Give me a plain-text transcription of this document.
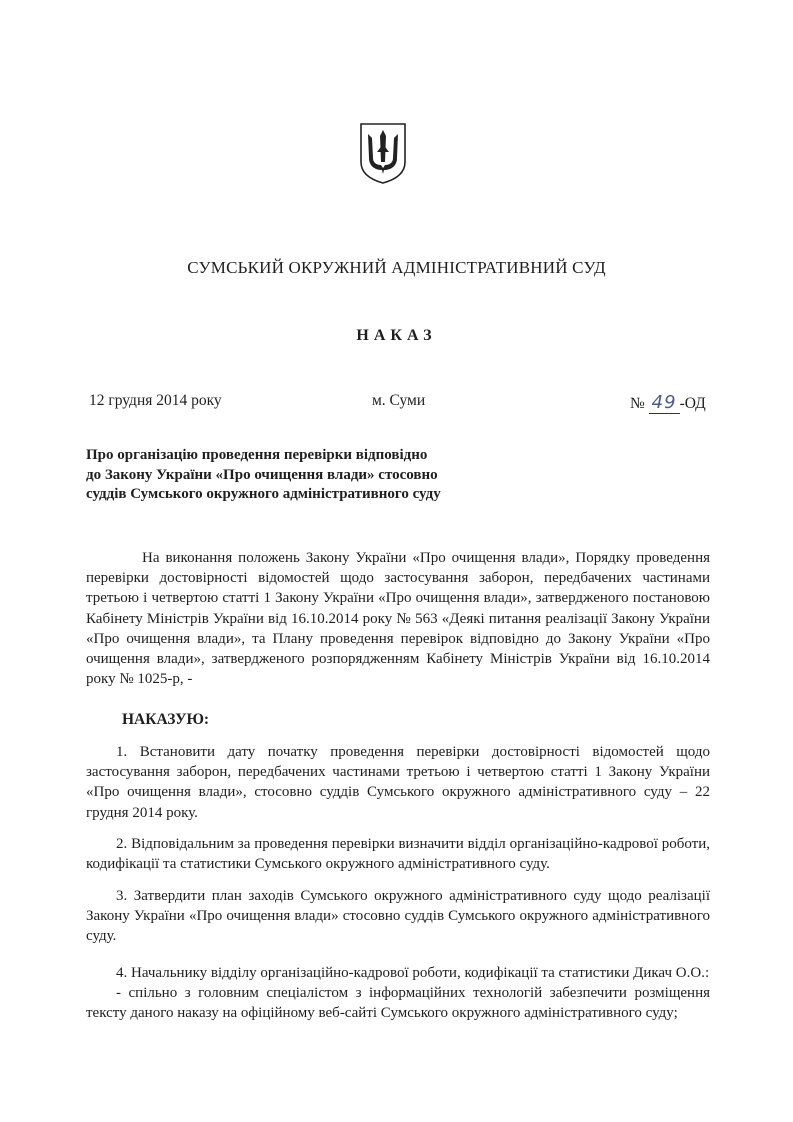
СУМСЬКИЙ ОКРУЖНИЙ АДМІНІСТРАТИВНИЙ СУД
НАКАЗ
12 грудня 2014 року	м. Суми	№ 49 -ОД
Про організацію проведення перевірки відповідно до Закону України «Про очищення влади» стосовно суддів Сумського окружного адміністративного суду
На виконання положень Закону України «Про очищення влади», Порядку проведення перевірки достовірності відомостей щодо застосування заборон, передбачених частинами третьою і четвертою статті 1 Закону України «Про очищення влади», затвердженого постановою Кабінету Міністрів України від 16.10.2014 року № 563 «Деякі питання реалізації Закону України «Про очищення влади», та Плану проведення перевірок відповідно до Закону України «Про очищення влади», затвердженого розпорядженням Кабінету Міністрів України від 16.10.2014 року № 1025-р, -
НАКАЗУЮ:
1. Встановити дату початку проведення перевірки достовірності відомостей щодо застосування заборон, передбачених частинами третьою і четвертою статті 1 Закону України «Про очищення влади», стосовно суддів Сумського окружного адміністративного суду – 22 грудня 2014 року.
2. Відповідальним за проведення перевірки визначити відділ організаційно-кадрової роботи, кодифікації та статистики Сумського окружного адміністративного суду.
3. Затвердити план заходів Сумського окружного адміністративного суду щодо реалізації Закону України «Про очищення влади» стосовно суддів Сумського окружного адміністративного суду.
4. Начальнику відділу організаційно-кадрової роботи, кодифікації та статистики Дикач О.О.:
- спільно з головним спеціалістом з інформаційних технологій забезпечити розміщення тексту даного наказу на офіційному веб-сайті Сумського окружного адміністративного суду;
